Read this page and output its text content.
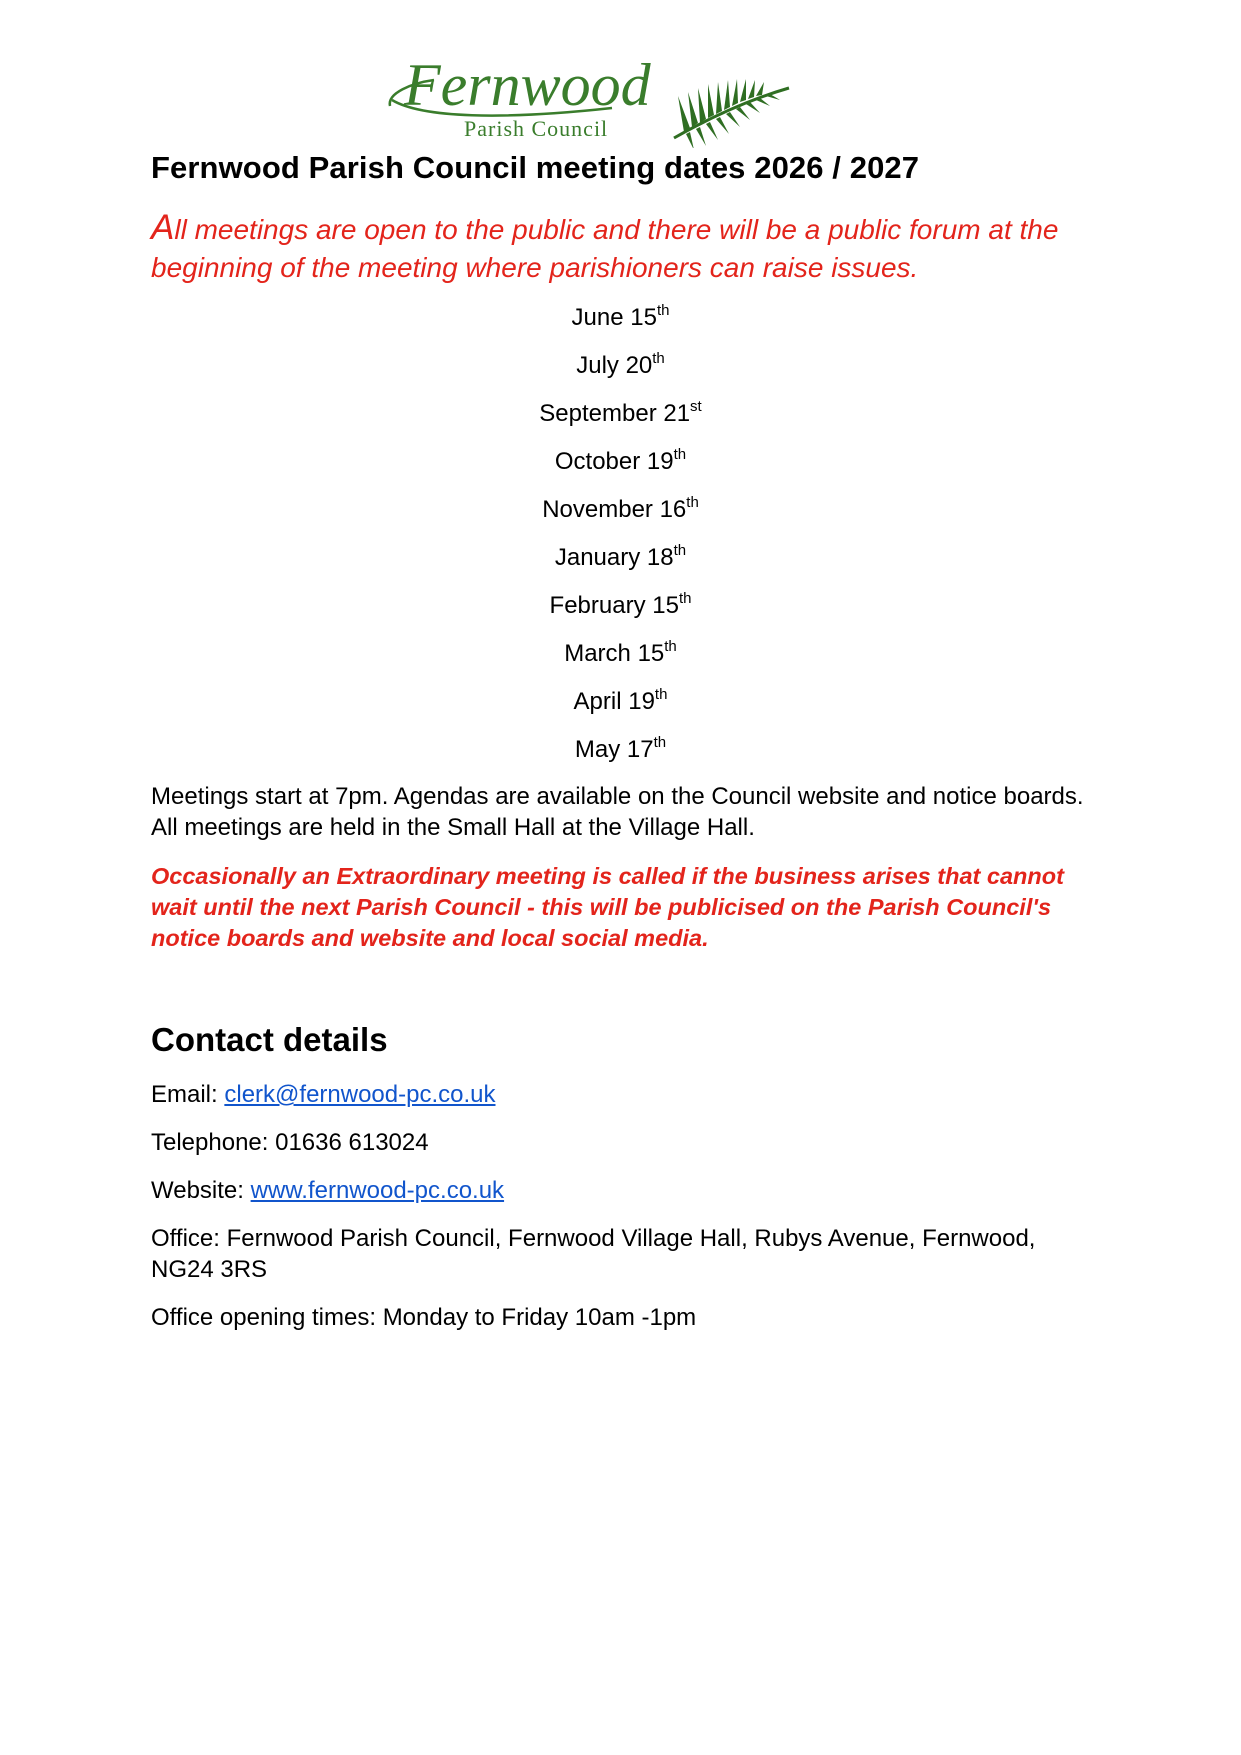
Fernwood
Parish Council
Fernwood Parish Council meeting dates 2026 / 2027

All meetings are open to the public and there will be a public forum at the beginning of the meeting where parishioners can raise issues.

June 15th
July 20th
September 21st
October 19th
November 16th
January 18th
February 15th
March 15th
April 19th
May 17th

Meetings start at 7pm. Agendas are available on the Council website and notice boards. All meetings are held in the Small Hall at the Village Hall.

Occasionally an Extraordinary meeting is called if the business arises that cannot wait until the next Parish Council - this will be publicised on the Parish Council's notice boards and website and local social media.

Contact details

Email: clerk@fernwood-pc.co.uk

Telephone: 01636 613024

Website: www.fernwood-pc.co.uk

Office: Fernwood Parish Council, Fernwood Village Hall, Rubys Avenue, Fernwood, NG24 3RS

Office opening times: Monday to Friday 10am -1pm
